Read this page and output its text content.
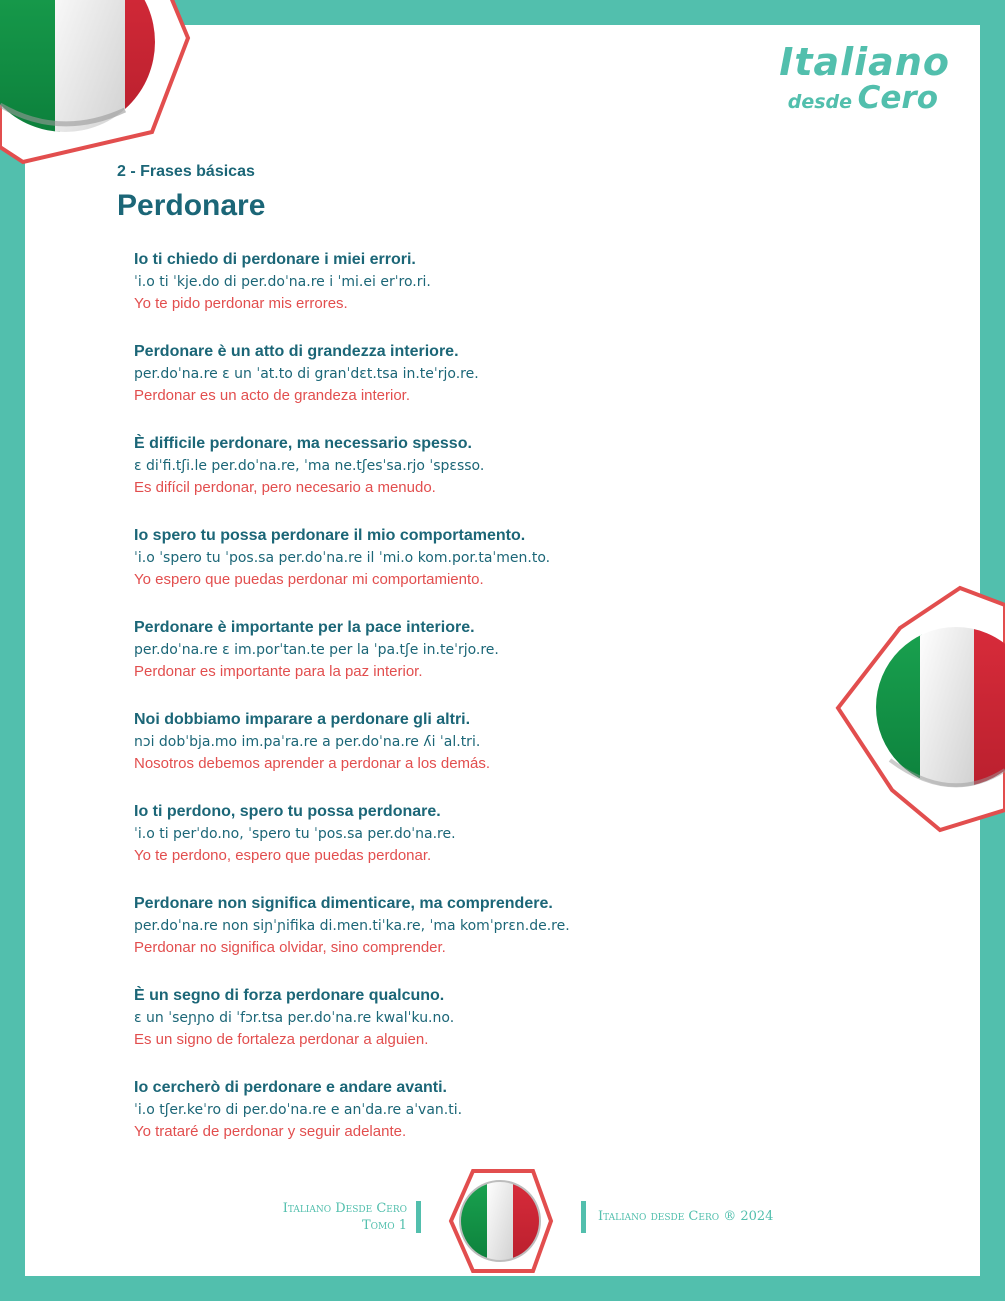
Italiano
desde Cero
2 - Frases básicas
Perdonare
Io ti chiedo di perdonare i miei errori.
ˈi.o ti ˈkje.do di per.doˈna.re i ˈmi.ei erˈro.ri.
Yo te pido perdonar mis errores.
Perdonare è un atto di grandezza interiore.
per.doˈna.re ɛ un ˈat.to di granˈdɛt.tsa in.teˈrjo.re.
Perdonar es un acto de grandeza interior.
È difficile perdonare, ma necessario spesso.
ɛ diˈfi.tʃi.le per.doˈna.re, ˈma ne.tʃesˈsa.rjo ˈspɛsso.
Es difícil perdonar, pero necesario a menudo.
Io spero tu possa perdonare il mio comportamento.
ˈi.o ˈspero tu ˈpos.sa per.doˈna.re il ˈmi.o kom.por.taˈmen.to.
Yo espero que puedas perdonar mi comportamiento.
Perdonare è importante per la pace interiore.
per.doˈna.re ɛ im.porˈtan.te per la ˈpa.tʃe in.teˈrjo.re.
Perdonar es importante para la paz interior.
Noi dobbiamo imparare a perdonare gli altri.
nɔi dobˈbja.mo im.paˈra.re a per.doˈna.re ʎi ˈal.tri.
Nosotros debemos aprender a perdonar a los demás.
Io ti perdono, spero tu possa perdonare.
ˈi.o ti perˈdo.no, ˈspero tu ˈpos.sa per.doˈna.re.
Yo te perdono, espero que puedas perdonar.
Perdonare non significa dimenticare, ma comprendere.
per.doˈna.re non siɲˈɲifika di.men.tiˈka.re, ˈma komˈprɛn.de.re.
Perdonar no significa olvidar, sino comprender.
È un segno di forza perdonare qualcuno.
ɛ un ˈseɲɲo di ˈfɔr.tsa per.doˈna.re kwalˈku.no.
Es un signo de fortaleza perdonar a alguien.
Io cercherò di perdonare e andare avanti.
ˈi.o tʃer.keˈro di per.doˈna.re e anˈda.re aˈvan.ti.
Yo trataré de perdonar y seguir adelante.
Italiano Desde Cero
Tomo 1
Italiano desde Cero ® 2024
